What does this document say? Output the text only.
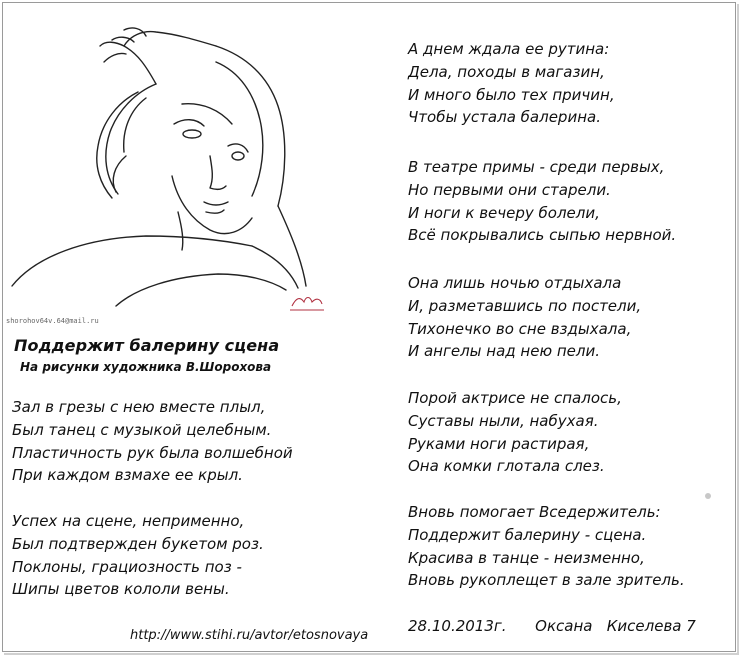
shorohov64v.64@mail.ru
Поддержит балерину сцена
На рисунки художника В.Шорохова
Зал в грезы с нею вместе плыл,
Был танец с музыкой целебным.
Пластичность рук была волшебной
При каждом взмахе ее крыл.
Успех на сцене, неприменно,
Был подтвержден букетом роз.
Поклоны, грациозность поз -
Шипы цветов кололи вены.
А днем ждала ее рутина:
Дела, походы в магазин,
И много было тех причин,
Чтобы устала балерина.
В театре примы - среди первых,
Но первыми они старели.
И ноги к вечеру болели,
Всё покрывались сыпью нервной.
Она лишь ночью отдыхала
И, разметавшись по постели,
Тихонечко во сне вздыхала,
И ангелы над нею пели.
Порой актрисе не спалось,
Суставы ныли, набухая.
Руками ноги растирая,
Она комки глотала слез.
Вновь помогает Вседержитель:
Поддержит балерину - сцена.
Красива в танце - неизменно,
Вновь рукоплещет в зале зритель.
28.10.2013г. Оксана   Киселева 7
http://www.stihi.ru/avtor/etosnovaya
